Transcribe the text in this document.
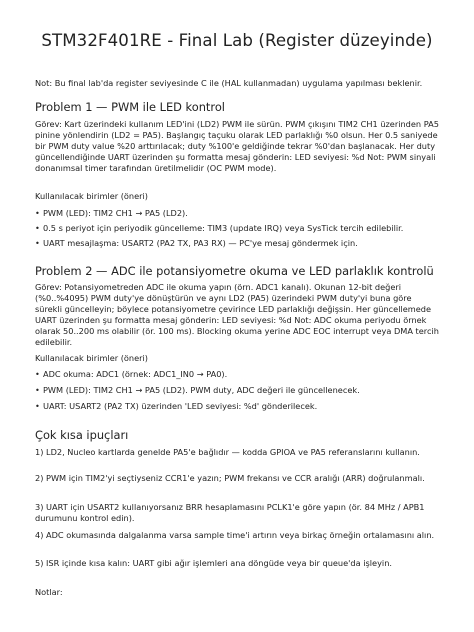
STM32F401RE - Final Lab (Register düzeyinde)

Not: Bu final lab'da register seviyesinde C ile (HAL kullanmadan) uygulama yapılması beklenir.

Problem 1 — PWM ile LED kontrol

Görev: Kart üzerindeki kullanım LED'ini (LD2) PWM ile sürün. PWM çıkışını TIM2 CH1 üzerinden PA5 pinine yönlendirin (LD2 = PA5). Başlangıç taçuku olarak LED parlaklığı %0 olsun. Her 0.5 saniyede bir PWM duty value %20 arttırılacak; duty %100'e geldiğinde tekrar %0'dan başlanacak. Her duty güncellendiğinde UART üzerinden şu formatta mesaj gönderin: LED seviyesi: %d Not: PWM sinyali donanımsal timer tarafından üretilmelidir (OC PWM mode).

Kullanılacak birimler (öneri)

• PWM (LED): TIM2 CH1 → PA5 (LD2).
• 0.5 s periyot için periyodik güncelleme: TIM3 (update IRQ) veya SysTick tercih edilebilir.
• UART mesajlaşma: USART2 (PA2 TX, PA3 RX) — PC'ye mesaj göndermek için.
Problem 2 — ADC ile potansiyometre okuma ve LED parlaklık kontrolü

Görev: Potansiyometreden ADC ile okuma yapın (örn. ADC1 kanalı). Okunan 12-bit değeri (%0..%4095) PWM duty'ye dönüştürün ve aynı LD2 (PA5) üzerindeki PWM duty'yi buna göre sürekli güncelleyin; böylece potansiyometre çevirince LED parlaklığı değişsin. Her güncellemede UART üzerinden şu formatta mesaj gönderin: LED seviyesi: %d Not: ADC okuma periyodu örnek olarak 50..200 ms olabilir (ör. 100 ms). Blocking okuma yerine ADC EOC interrupt veya DMA tercih edilebilir.

Kullanılacak birimler (öneri)

• ADC okuma: ADC1 (örnek: ADC1_IN0 → PA0).
• PWM (LED): TIM2 CH1 → PA5 (LD2). PWM duty, ADC değeri ile güncellenecek.
• UART: USART2 (PA2 TX) üzerinden 'LED seviyesi: %d' gönderilecek.
Çok kısa ipuçları

1) LD2, Nucleo kartlarda genelde PA5'e bağlıdır — kodda GPIOA ve PA5 referanslarını kullanın.

2) PWM için TIM2'yi seçtiyseniz CCR1'e yazın; PWM frekansı ve CCR aralığı (ARR) doğrulanmalı.

3) UART için USART2 kullanıyorsanız BRR hesaplamasını PCLK1'e göre yapın (ör. 84 MHz / APB1 durumunu kontrol edin).

4) ADC okumasında dalgalanma varsa sample time'i artırın veya birkaç örneğin ortalamasını alın.

5) ISR içinde kısa kalın: UART gibi ağır işlemleri ana döngüde veya bir queue'da işleyin.

Notlar:
